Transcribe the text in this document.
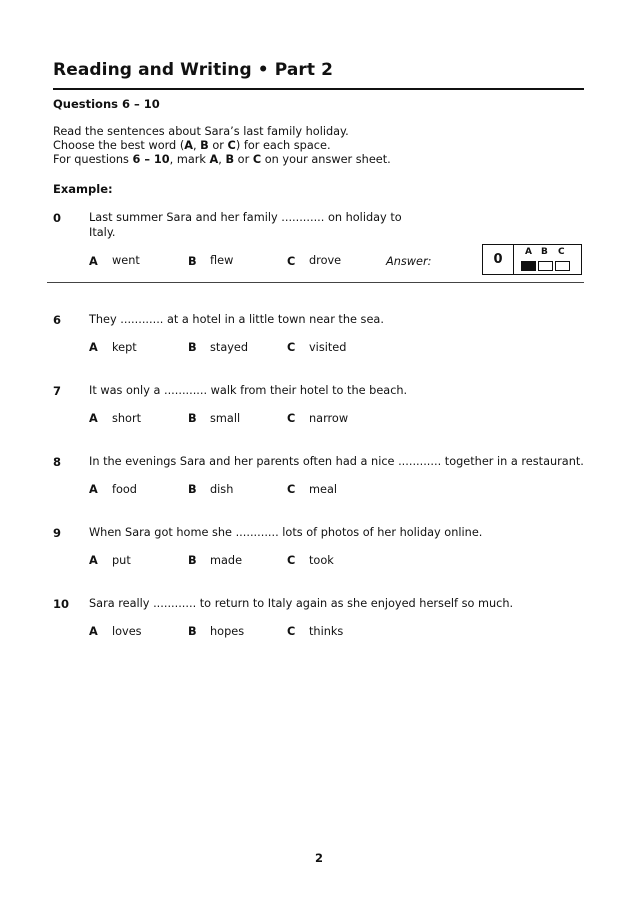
Reading and Writing • Part 2
Questions 6 – 10
Read the sentences about Sara’s last family holiday.
Choose the best word (A, B or C) for each space.
For questions 6 – 10, mark A, B or C on your answer sheet.
Example:
0 Last summer Sara and her family ............ on holiday to
Italy.
A went	B flew	C drove	Answer:	0	A B C
6 They ............ at a hotel in a little town near the sea.
A kept	B stayed	C visited
7 It was only a ............ walk from their hotel to the beach.
A short	B small	C narrow
8 In the evenings Sara and her parents often had a nice ............ together in a restaurant.
A food	B dish	C meal
9 When Sara got home she ............ lots of photos of her holiday online.
A put	B made	C took
10 Sara really ............ to return to Italy again as she enjoyed herself so much.
A loves	B hopes	C thinks
2
